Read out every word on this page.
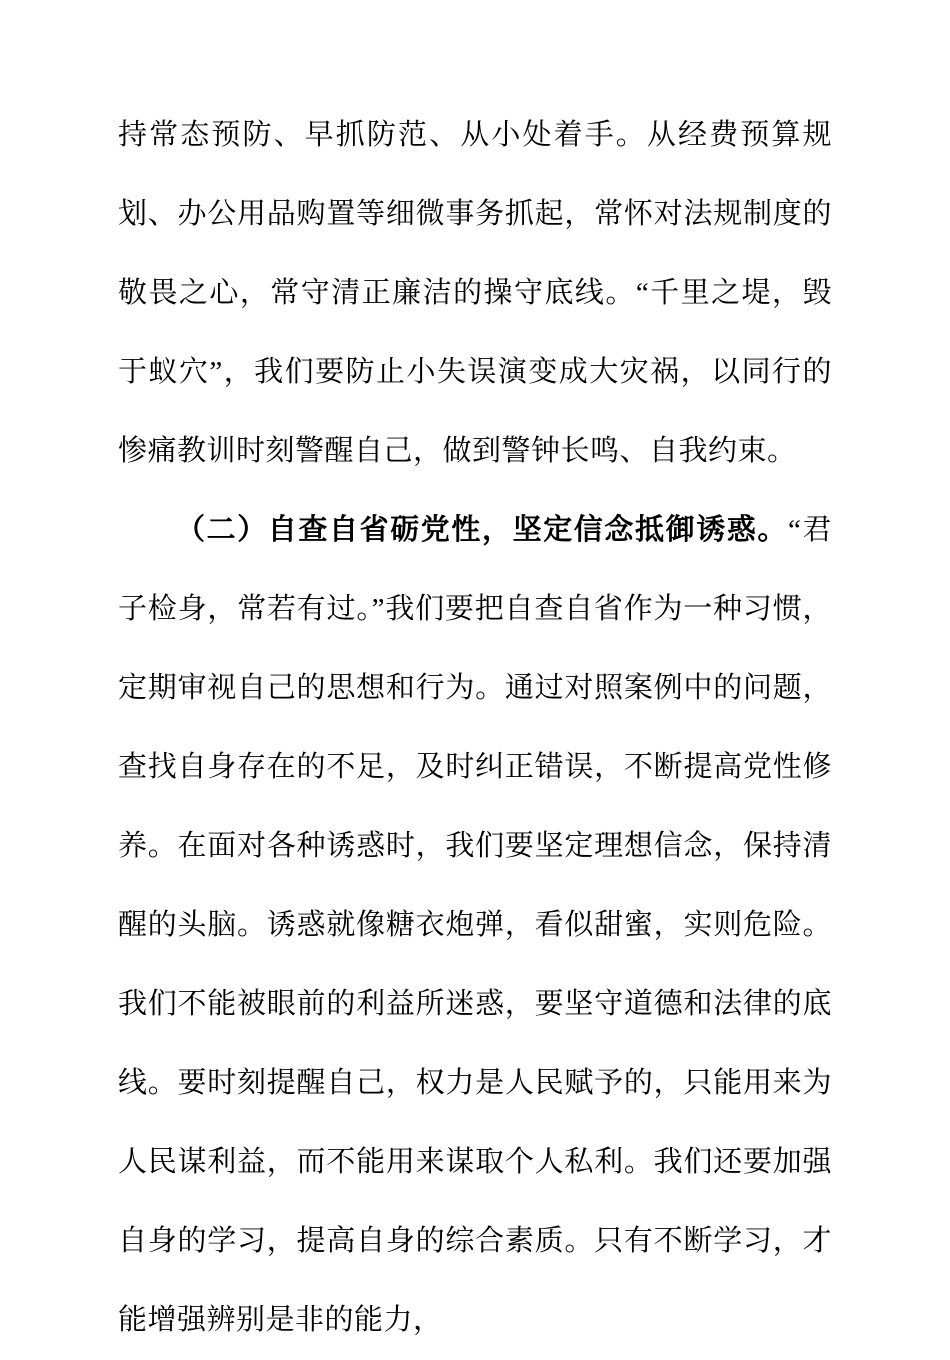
持常态预防、早抓防范、从小处着手。从经费预算规划、办公用品购置等细微事务抓起，常怀对法规制度的敬畏之心，常守清正廉洁的操守底线。“千里之堤，毁于蚁穴”，我们要防止小失误演变成大灾祸，以同行的惨痛教训时刻警醒自己，做到警钟长鸣、自我约束。

（二）自查自省砺党性，坚定信念抵御诱惑。“君子检身，常若有过。”我们要把自查自省作为一种习惯，定期审视自己的思想和行为。通过对照案例中的问题，查找自身存在的不足，及时纠正错误，不断提高党性修养。在面对各种诱惑时，我们要坚定理想信念，保持清醒的头脑。诱惑就像糖衣炮弹，看似甜蜜，实则危险。我们不能被眼前的利益所迷惑，要坚守道德和法律的底线。要时刻提醒自己，权力是人民赋予的，只能用来为人民谋利益，而不能用来谋取个人私利。我们还要加强自身的学习，提高自身的综合素质。只有不断学习，才能增强辨别是非的能力，
